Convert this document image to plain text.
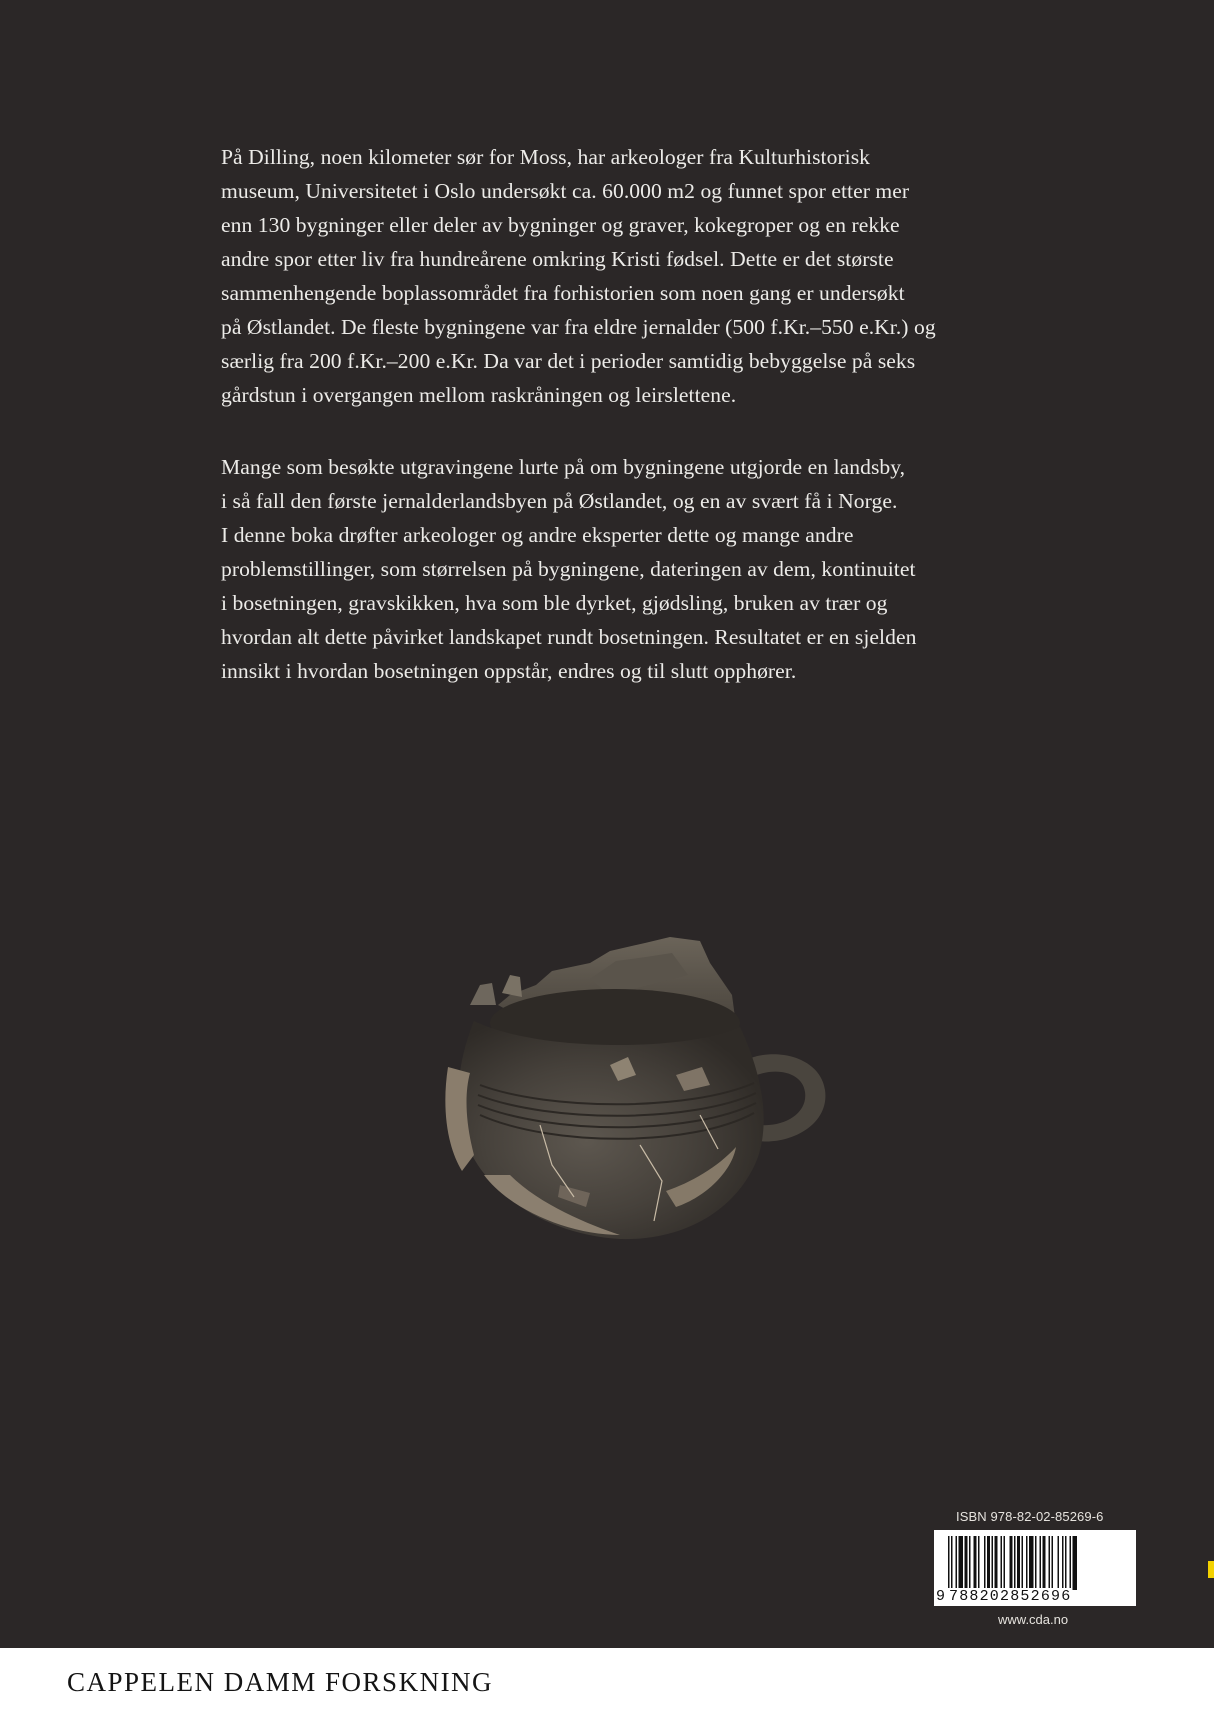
På Dilling, noen kilometer sør for Moss, har arkeologer fra Kulturhistorisk
museum, Universitetet i Oslo undersøkt ca. 60.000 m2 og funnet spor etter mer
enn 130 bygninger eller deler av bygninger og graver, kokegroper og en rekke
andre spor etter liv fra hundreårene omkring Kristi fødsel. Dette er det største
sammenhengende boplassområdet fra forhistorien som noen gang er undersøkt
på Østlandet. De fleste bygningene var fra eldre jernalder (500 f.Kr.–550 e.Kr.) og
særlig fra 200 f.Kr.–200 e.Kr. Da var det i perioder samtidig bebyggelse på seks
gårdstun i overgangen mellom raskråningen og leirslettene.
Mange som besøkte utgravingene lurte på om bygningene utgjorde en landsby,
i så fall den første jernalderlandsbyen på Østlandet, og en av svært få i Norge.
I denne boka drøfter arkeologer og andre eksperter dette og mange andre
problemstillinger, som størrelsen på bygningene, dateringen av dem, kontinuitet
i bosetningen, gravskikken, hva som ble dyrket, gjødsling, bruken av trær og
hvordan alt dette påvirket landskapet rundt bosetningen. Resultatet er en sjelden
innsikt i hvordan bosetningen oppstår, endres og til slutt opphører.
ISBN 978-82-02-85269-6
9 788202852696
www.cda.no
CAPPELEN DAMM FORSKNING
